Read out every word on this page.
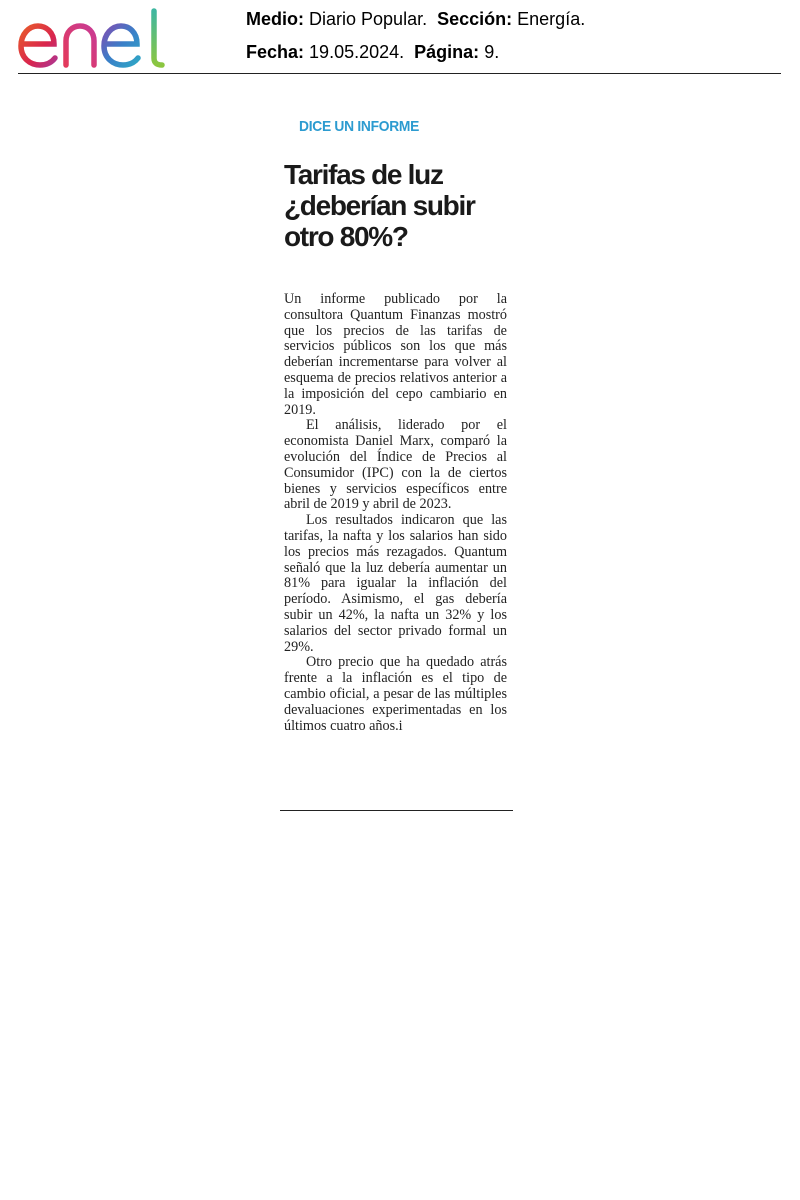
enel
Medio: Diario Popular. Sección: Energía.
Fecha: 19.05.2024. Página: 9.
DICE UN INFORME
Tarifas de luz
¿deberían subir
otro 80%?

Un informe publicado por la consultora Quantum Finanzas mostró que los precios de las tarifas de servicios públicos son los que más deberían incrementarse para volver al esquema de precios relativos anterior a la imposición del cepo cambiario en 2019.

El análisis, liderado por el economista Daniel Marx, comparó la evolución del Índice de Precios al Consumidor (IPC) con la de ciertos bienes y servicios específicos entre abril de 2019 y abril de 2023.

Los resultados indicaron que las tarifas, la nafta y los salarios han sido los precios más rezagados. Quantum señaló que la luz debería aumentar un 81% para igualar la inflación del período. Asimismo, el gas debería subir un 42%, la nafta un 32% y los salarios del sector privado formal un 29%.

Otro precio que ha quedado atrás frente a la inflación es el tipo de cambio oficial, a pesar de las múltiples devaluaciones experimentadas en los últimos cuatro años.i
